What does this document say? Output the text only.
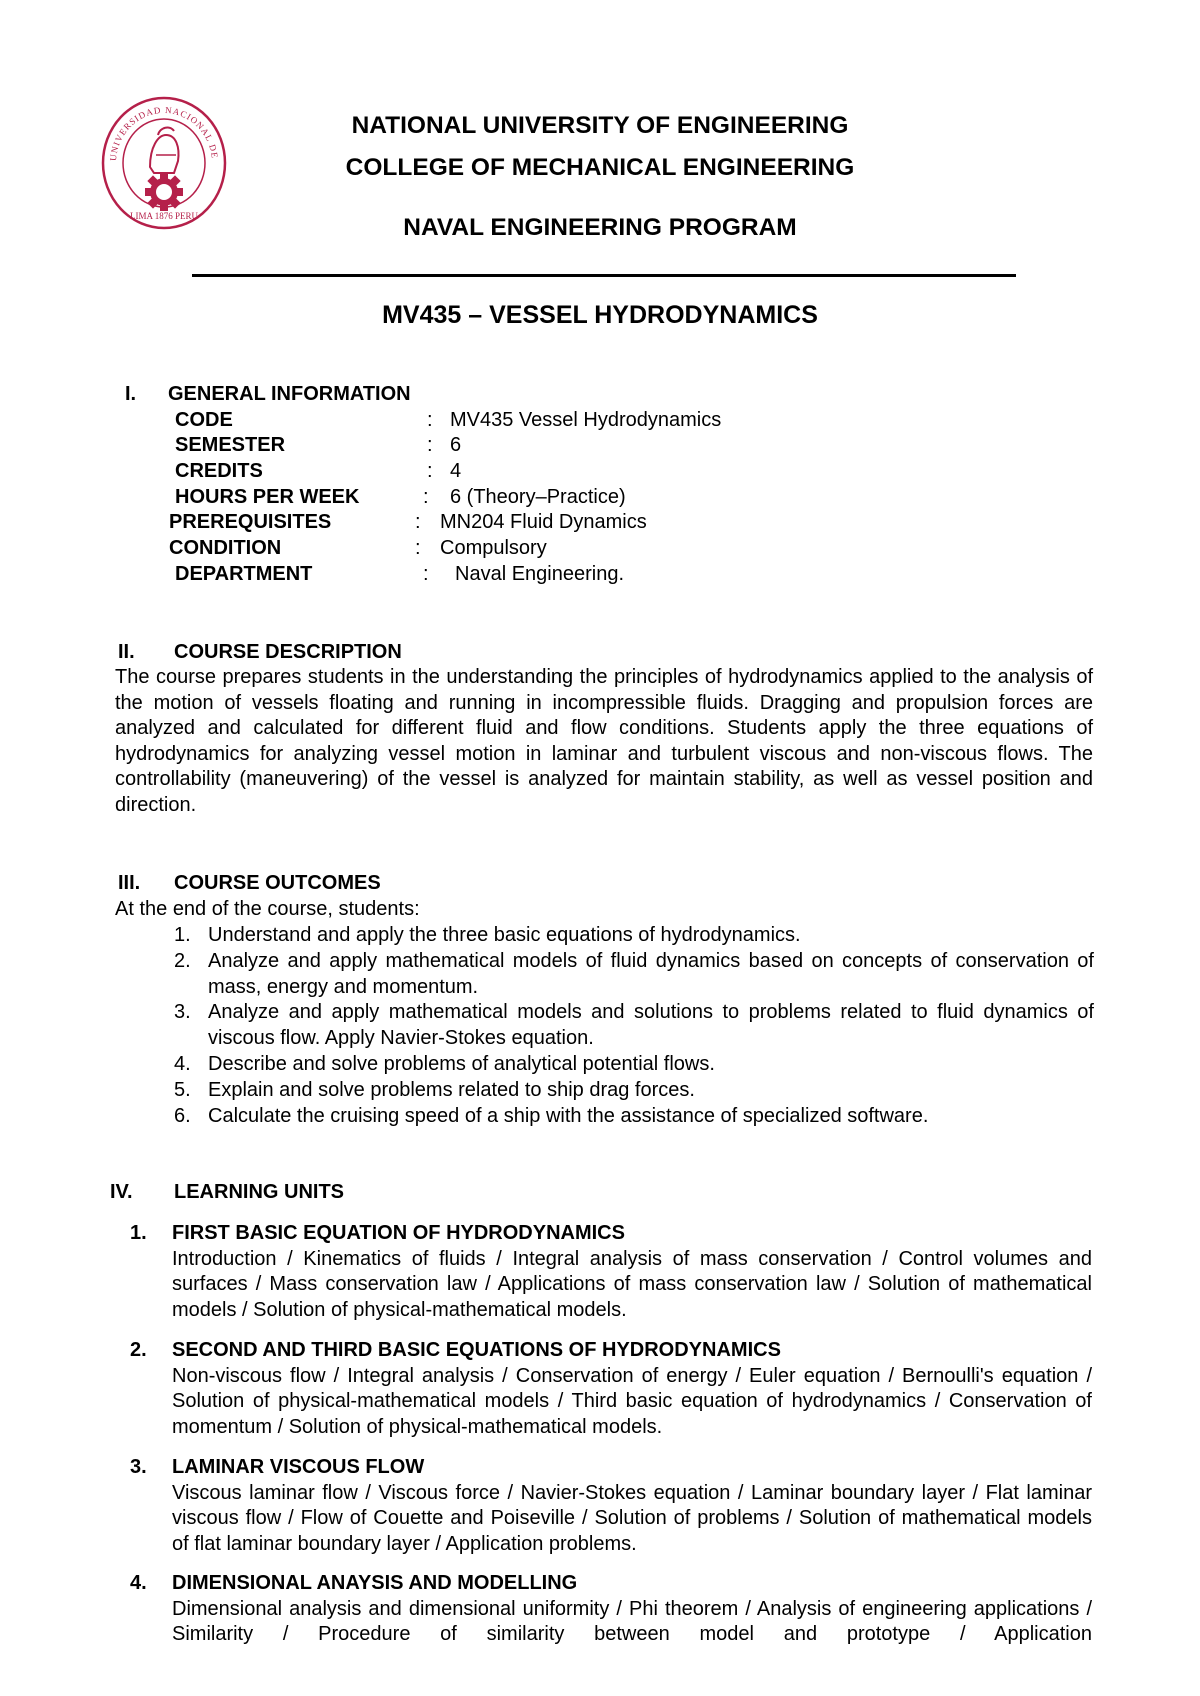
UNIVERSIDAD NACIONAL DE
LIMA 1876 PERU
NATIONAL UNIVERSITY OF ENGINEERING
COLLEGE OF MECHANICAL ENGINEERING
NAVAL ENGINEERING PROGRAM
MV435 – VESSEL HYDRODYNAMICS
I. GENERAL INFORMATION
CODE	: MV435 Vessel Hydrodynamics
SEMESTER	: 6
CREDITS	: 4
HOURS PER WEEK	: 6 (Theory–Practice)
PREREQUISITES	: MN204 Fluid Dynamics
CONDITION	: Compulsory
DEPARTMENT	: Naval Engineering.
II. COURSE DESCRIPTION
The course prepares students in the understanding the principles of hydrodynamics applied to the analysis of the motion of vessels floating and running in incompressible fluids. Dragging and propulsion forces are analyzed and calculated for different fluid and flow conditions. Students apply the three equations of hydrodynamics for analyzing vessel motion in laminar and turbulent viscous and non-viscous flows. The controllability (maneuvering) of the vessel is analyzed for maintain stability, as well as vessel position and direction.
III. COURSE OUTCOMES
At the end of the course, students:
1. Understand and apply the three basic equations of hydrodynamics.
2. Analyze and apply mathematical models of fluid dynamics based on concepts of conservation of mass, energy and momentum.
3. Analyze and apply mathematical models and solutions to problems related to fluid dynamics of viscous flow. Apply Navier-Stokes equation.
4. Describe and solve problems of analytical potential flows.
5. Explain and solve problems related to ship drag forces.
6. Calculate the cruising speed of a ship with the assistance of specialized software.
IV. LEARNING UNITS
1. FIRST BASIC EQUATION OF HYDRODYNAMICS
Introduction / Kinematics of fluids / Integral analysis of mass conservation / Control volumes and surfaces / Mass conservation law / Applications of mass conservation law / Solution of mathematical models / Solution of physical-mathematical models.
2. SECOND AND THIRD BASIC EQUATIONS OF HYDRODYNAMICS
Non-viscous flow / Integral analysis / Conservation of energy / Euler equation / Bernoulli's equation / Solution of physical-mathematical models / Third basic equation of hydrodynamics / Conservation of momentum / Solution of physical-mathematical models.
3. LAMINAR VISCOUS FLOW
Viscous laminar flow / Viscous force / Navier-Stokes equation / Laminar boundary layer / Flat laminar viscous flow / Flow of Couette and Poiseville / Solution of problems / Solution of mathematical models of flat laminar boundary layer / Application problems.
4. DIMENSIONAL ANAYSIS AND MODELLING
Dimensional analysis and dimensional uniformity / Phi theorem / Analysis of engineering applications / Similarity / Procedure of similarity between model and prototype / Application
